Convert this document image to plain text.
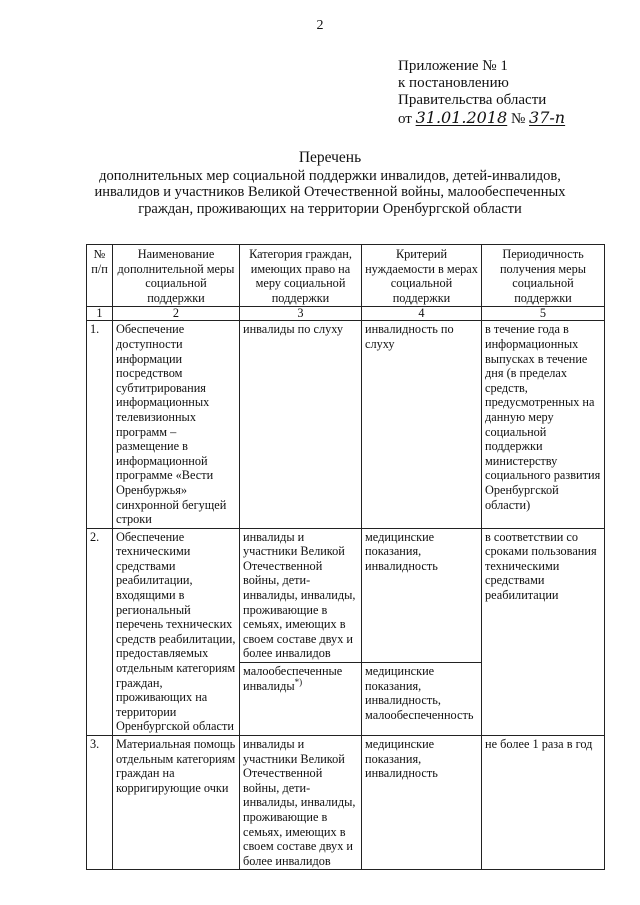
2
Приложение № 1
к постановлению
Правительства области
от 31.01.2018 № 37-п
Перечень
дополнительных мер социальной поддержки инвалидов, детей-инвалидов,
инвалидов и участников Великой Отечественной войны, малообеспеченных
граждан, проживающих на территории Оренбургской области
№ п/п	Наименование дополнительной меры социальной поддержки	Категория граждан, имеющих право на меру социальной поддержки	Критерий нуждаемости в мерах социальной поддержки	Периодичность получения меры социальной поддержки
1	2	3	4	5
1.	Обеспечение доступности информации посредством субтитрирования информационных телевизионных программ – размещение в информационной программе «Вести Оренбуржья» синхронной бегущей строки	инвалиды по слуху	инвалидность по слуху	в течение года в информационных выпусках в течение дня (в пределах средств, предусмотренных на данную меру социальной поддержки министерству социального развития Оренбургской области)
2.	Обеспечение техническими средствами реабилитации, входящими в региональный перечень технических средств реабилитации, предоставляемых отдельным категориям граждан, проживающих на территории Оренбургской области	инвалиды и участники Великой Отечественной войны, дети-инвалиды, инвалиды, проживающие в семьях, имеющих в своем составе двух и более инвалидов	медицинские показания, инвалидность	в соответствии со сроками пользования техническими средствами реабилитации
		малообеспеченные инвалиды*)	медицинские показания, инвалидность, малообеспеченность	
3.	Материальная помощь отдельным категориям граждан на корригирующие очки	инвалиды и участники Великой Отечественной войны, дети-инвалиды, инвалиды, проживающие в семьях, имеющих в своем составе двух и более инвалидов	медицинские показания, инвалидность	не более 1 раза в год
